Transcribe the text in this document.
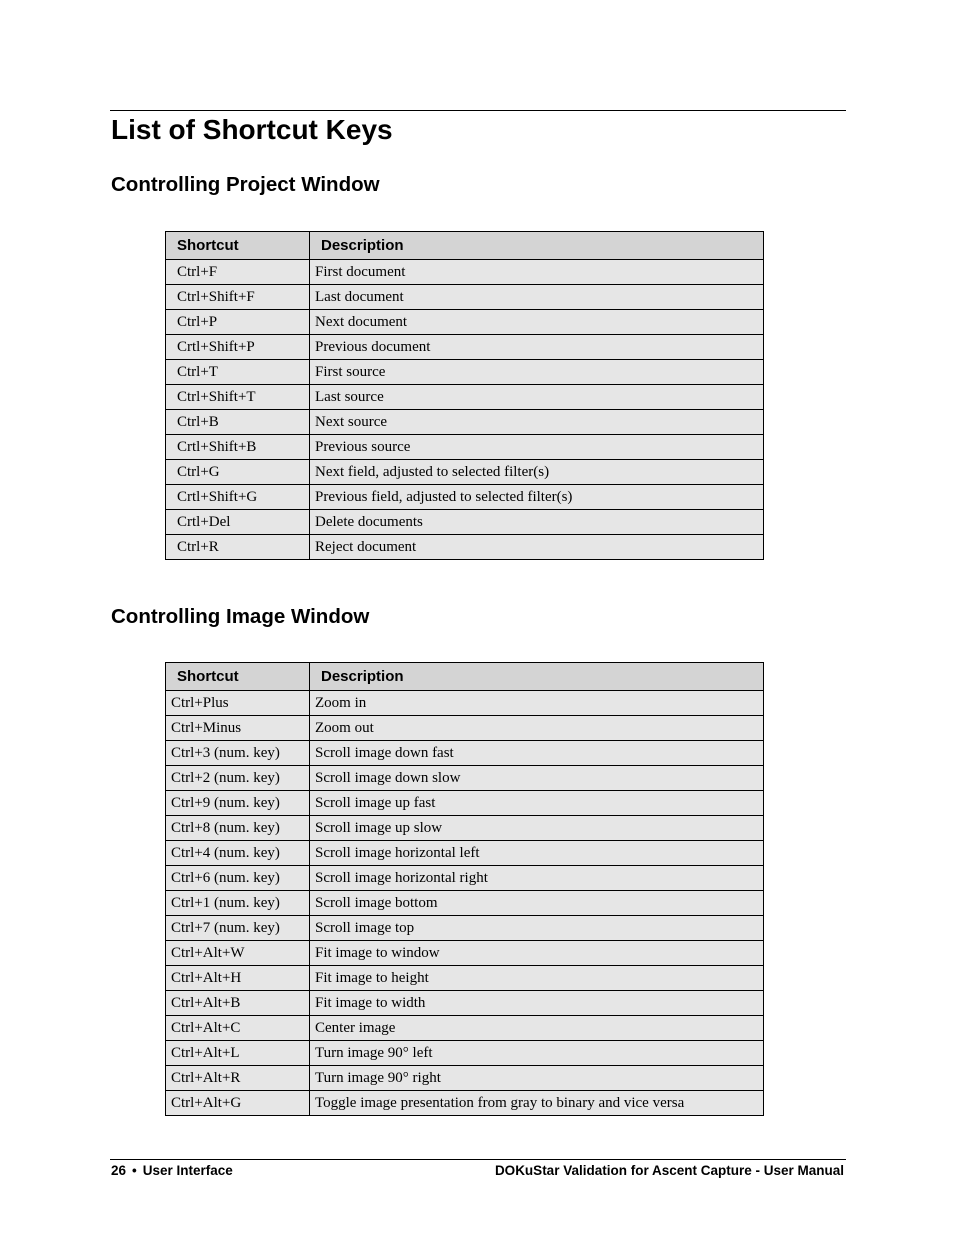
List of Shortcut Keys
Controlling Project Window
Shortcut	Description
Ctrl+F	First document
Ctrl+Shift+F	Last document
Ctrl+P	Next document
Crtl+Shift+P	Previous document
Ctrl+T	First source
Ctrl+Shift+T	Last source
Ctrl+B	Next source
Crtl+Shift+B	Previous source
Ctrl+G	Next field, adjusted to selected filter(s)
Crtl+Shift+G	Previous field, adjusted to selected filter(s)
Crtl+Del	Delete documents
Ctrl+R	Reject document
Controlling Image Window
Shortcut	Description
Ctrl+Plus	Zoom in
Ctrl+Minus	Zoom out
Ctrl+3 (num. key)	Scroll image down fast
Ctrl+2 (num. key)	Scroll image down slow
Ctrl+9 (num. key)	Scroll image up fast
Ctrl+8 (num. key)	Scroll image up slow
Ctrl+4 (num. key)	Scroll image horizontal left
Ctrl+6 (num. key)	Scroll image horizontal right
Ctrl+1 (num. key)	Scroll image bottom
Ctrl+7 (num. key)	Scroll image top
Ctrl+Alt+W	Fit image to window
Ctrl+Alt+H	Fit image to height
Ctrl+Alt+B	Fit image to width
Ctrl+Alt+C	Center image
Ctrl+Alt+L	Turn image 90° left
Ctrl+Alt+R	Turn image 90° right
Ctrl+Alt+G	Toggle image presentation from gray to binary and vice versa
26 • User Interface	DOKuStar Validation for Ascent Capture - User Manual
